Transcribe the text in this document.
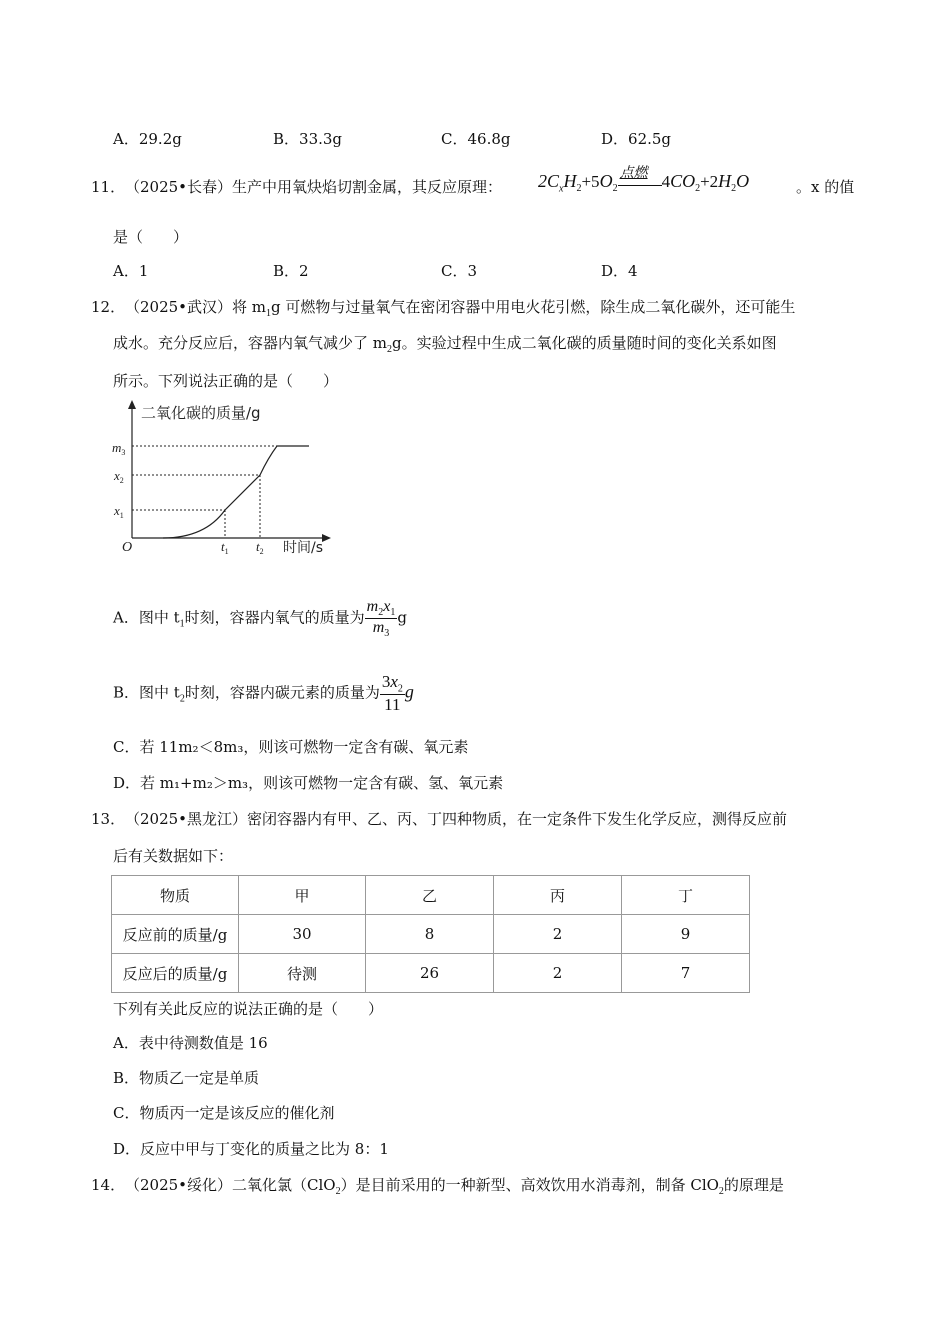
A．29.2g	B．33.3g	C．46.8g	D．62.5g
11． （2025•长春） 生产中用氧炔焰切割金属，其反应原理： $2C_xH_2+5O_2$
点燃 $4CO_2+2H_2O$	。x 的值
是（　　）
A．1	B．2	C．3	D．4
12． （2025•武汉） 将 $m_1g$ 可燃物与过量氧气在密闭容器中用电火花引燃，除生成二氧化碳外，还可能生
成水。充分反应后，容器内氧气减少了 $m_2g$。实验过程中生成二氧化碳的质量随时间的变化关系如图
所示。下列说法正确的是（　　）
二氧化碳的质量/g
时间/s
O
$m_3$
$x_2$
$x_1$
$t_1$ $t_2$
A．图中 $t_1$时刻，容器内氧气的质量为 $\frac{m_2x_1}{m_3}$ g
B．图中 $t_2$时刻，容器内碳元素的质量为 $\frac{3x_2}{11}$ g
C．若 11m₂＜8m₃，则该可燃物一定含有碳、氧元素
D．若 m₁+m₂＞m₃，则该可燃物一定含有碳、氢、氧元素
13． （2025•黑龙江） 密闭容器内有甲、乙、丙、丁四种物质，在一定条件下发生化学反应，测得反应前
后有关数据如下：
物质	甲	乙	丙	丁
反应前的质量/g	30	8	2	9
反应后的质量/g	待测	26	2	7
下列有关此反应的说法正确的是（　　）
A．表中待测数值是 16
B．物质乙一定是单质
C．物质丙一定是该反应的催化剂
D．反应中甲与丁变化的质量之比为 8：1
14． （2025•绥化） 二氧化氯（ClO$_2$）是目前采用的一种新型、高效饮用水消毒剂，制备 ClO$_2$的原理是
